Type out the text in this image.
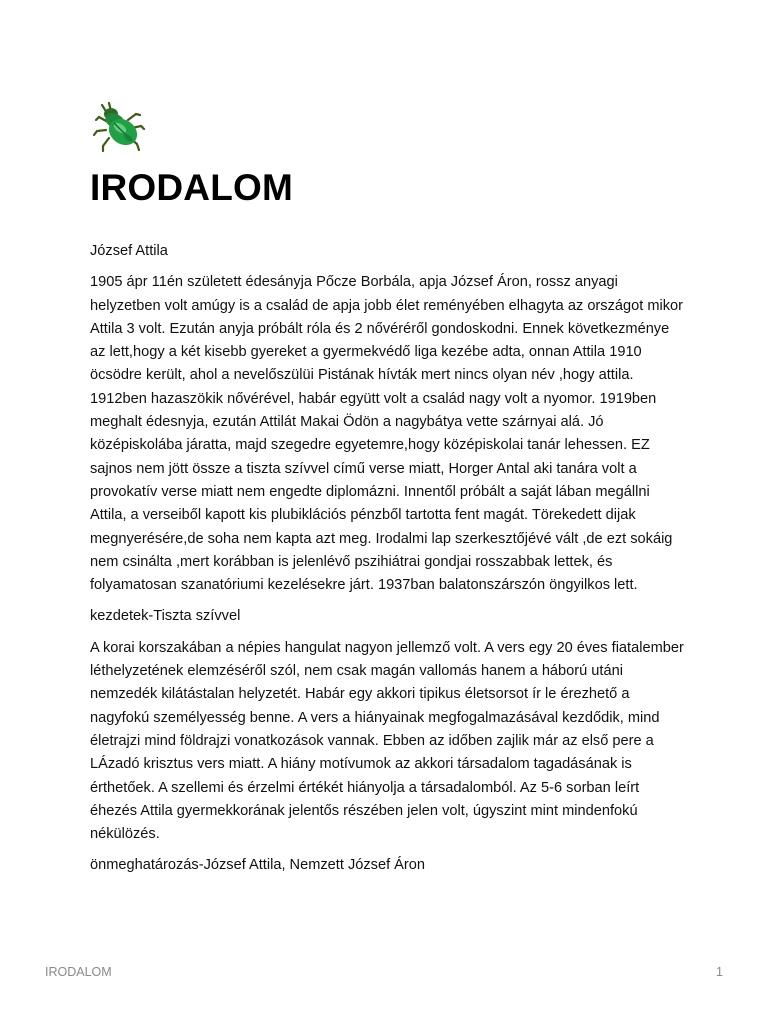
IRODALOM

József Attila

1905 ápr 11én született édesányja Pőcze Borbála, apja József Áron, rossz anyagi helyzetben volt amúgy is a család de apja jobb élet reményében elhagyta az országot mikor Attila 3 volt. Ezután anyja próbált róla és 2 nővéréről gondoskodni. Ennek következménye az lett,hogy a két kisebb gyereket a gyermekvédő liga kezébe adta, onnan Attila 1910 öcsödre került, ahol a nevelőszülüi Pistának hívták mert nincs olyan név ,hogy attila. 1912ben hazaszökik nővérével, habár együtt volt a család nagy volt a nyomor. 1919ben meghalt édesnyja, ezután Attilát Makai Ödön a nagybátya vette szárnyai alá. Jó középiskolába járatta, majd szegedre egyetemre,hogy középiskolai tanár lehessen. EZ sajnos nem jött össze a tiszta szívvel című verse miatt, Horger Antal aki tanára volt a provokatív verse miatt nem engedte diplomázni. Innentől próbált a saját lában megállni Attila, a verseiből kapott kis plubiklációs pénzből tartotta fent magát. Törekedett dijak megnyerésére,de soha nem kapta azt meg. Irodalmi lap szerkesztőjévé vált ,de ezt sokáig nem csinálta ,mert korábban is jelenlévő pszihiátrai gondjai rosszabbak lettek, és folyamatosan szanatóriumi kezelésekre járt. 1937ban balatonszárszón öngyilkos lett.

kezdetek-Tiszta szívvel

A korai korszakában a népies hangulat nagyon jellemző volt. A vers egy 20 éves fiatalember léthelyzetének elemzéséről szól, nem csak magán vallomás hanem a háború utáni nemzedék kilátástalan helyzetét. Habár egy akkori tipikus életsorsot ír le érezhető a nagyfokú személyesség benne. A vers a hiányainak megfogalmazásával kezdődik, mind életrajzi mind földrajzi vonatkozások vannak. Ebben az időben zajlik már az első pere a LÁzadó krisztus vers miatt. A hiány motívumok az akkori társadalom tagadásának is érthetőek. A szellemi és érzelmi értékét hiányolja a társadalomból. Az 5-6 sorban leírt éhezés Attila gyermekkorának jelentős részében jelen volt, úgyszint mint mindenfokú nékülözés.

önmeghatározás-József Attila, Nemzett József Áron

IRODALOM	1
